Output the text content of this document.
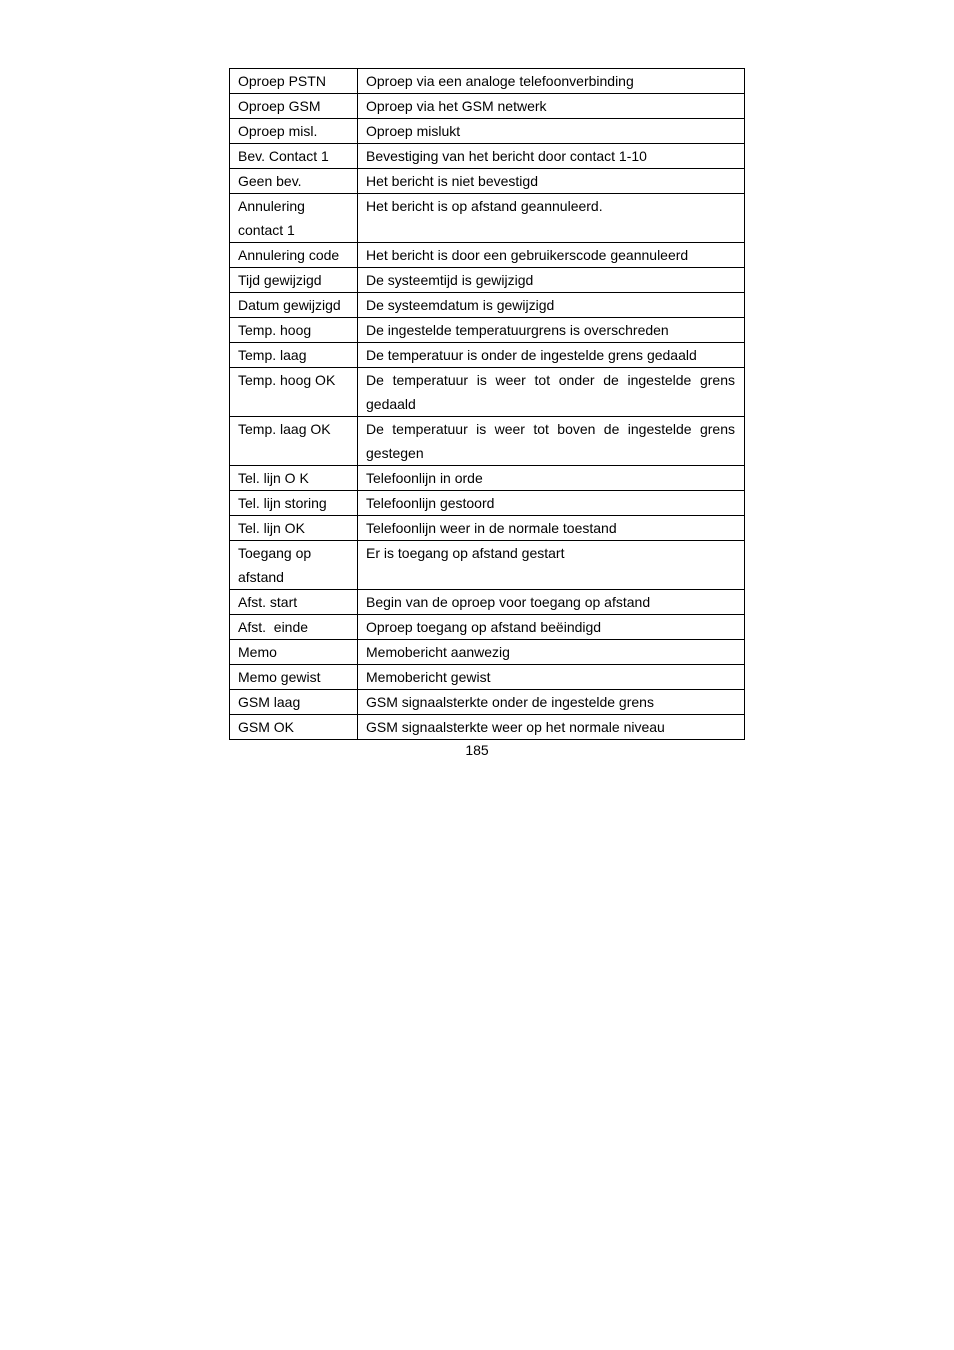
Oproep PSTN	Oproep via een analoge telefoonverbinding
Oproep GSM	Oproep via het GSM netwerk
Oproep misl.	Oproep mislukt
Bev. Contact 1	Bevestiging van het bericht door contact 1-10
Geen bev.	Het bericht is niet bevestigd
Annulering contact 1	Het bericht is op afstand geannuleerd.
Annulering code	Het bericht is door een gebruikerscode geannuleerd
Tijd gewijzigd	De systeemtijd is gewijzigd
Datum gewijzigd	De systeemdatum is gewijzigd
Temp. hoog	De ingestelde temperatuurgrens is overschreden
Temp. laag	De temperatuur is onder de ingestelde grens gedaald
Temp. hoog OK	De temperatuur is weer tot onder de ingestelde grens gedaald
Temp. laag OK	De temperatuur is weer tot boven de ingestelde grens gestegen
Tel. lijn O K	Telefoonlijn in orde
Tel. lijn storing	Telefoonlijn gestoord
Tel. lijn OK	Telefoonlijn weer in de normale toestand
Toegang op afstand	Er is toegang op afstand gestart
Afst. start	Begin van de oproep voor toegang op afstand
Afst.  einde	Oproep toegang op afstand beëindigd
Memo	Memobericht aanwezig
Memo gewist	Memobericht gewist
GSM laag	GSM signaalsterkte onder de ingestelde grens
GSM OK	GSM signaalsterkte weer op het normale niveau
185
